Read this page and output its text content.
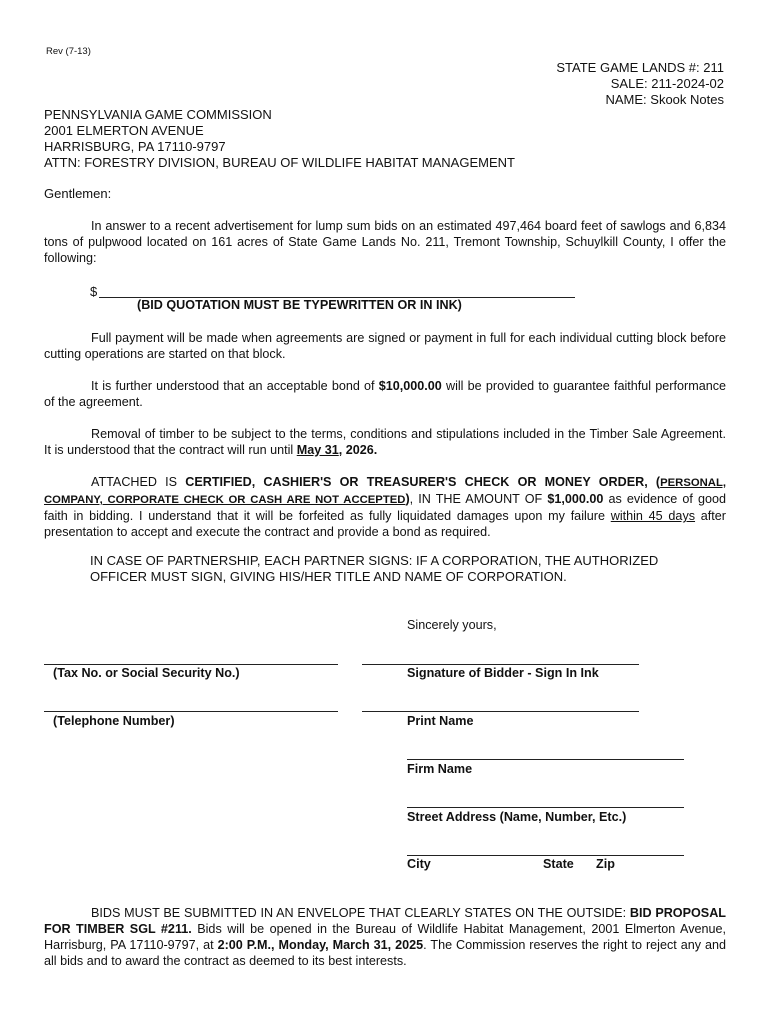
Rev (7-13)
STATE GAME LANDS #: 211
SALE: 211-2024-02
NAME: Skook Notes
PENNSYLVANIA GAME COMMISSION
2001 ELMERTON AVENUE
HARRISBURG, PA 17110-9797
ATTN: FORESTRY DIVISION, BUREAU OF WILDLIFE HABITAT MANAGEMENT
Gentlemen:
In answer to a recent advertisement for lump sum bids on an estimated 497,464 board feet of sawlogs and 6,834 tons of pulpwood located on 161 acres of State Game Lands No. 211, Tremont Township, Schuylkill County, I offer the following:
$
(BID QUOTATION MUST BE TYPEWRITTEN OR IN INK)
Full payment will be made when agreements are signed or payment in full for each individual cutting block before cutting operations are started on that block.
It is further understood that an acceptable bond of $10,000.00 will be provided to guarantee faithful performance of the agreement.
Removal of timber to be subject to the terms, conditions and stipulations included in the Timber Sale Agreement. It is understood that the contract will run until May 31, 2026.
ATTACHED IS CERTIFIED, CASHIER'S OR TREASURER'S CHECK OR MONEY ORDER, (PERSONAL, COMPANY, CORPORATE CHECK OR CASH ARE NOT ACCEPTED), IN THE AMOUNT OF $1,000.00 as evidence of good faith in bidding. I understand that it will be forfeited as fully liquidated damages upon my failure within 45 days after presentation to accept and execute the contract and provide a bond as required.
IN CASE OF PARTNERSHIP, EACH PARTNER SIGNS: IF A CORPORATION, THE AUTHORIZED OFFICER MUST SIGN, GIVING HIS/HER TITLE AND NAME OF CORPORATION.
Sincerely yours,
(Tax No. or Social Security No.)	Signature of Bidder - Sign In Ink
(Telephone Number)	Print Name
Firm Name
Street Address (Name, Number, Etc.)
City	State Zip
BIDS MUST BE SUBMITTED IN AN ENVELOPE THAT CLEARLY STATES ON THE OUTSIDE: BID PROPOSAL FOR TIMBER SGL #211. Bids will be opened in the Bureau of Wildlife Habitat Management, 2001 Elmerton Avenue, Harrisburg, PA 17110-9797, at 2:00 P.M., Monday, March 31, 2025. The Commission reserves the right to reject any and all bids and to award the contract as deemed to its best interests.
